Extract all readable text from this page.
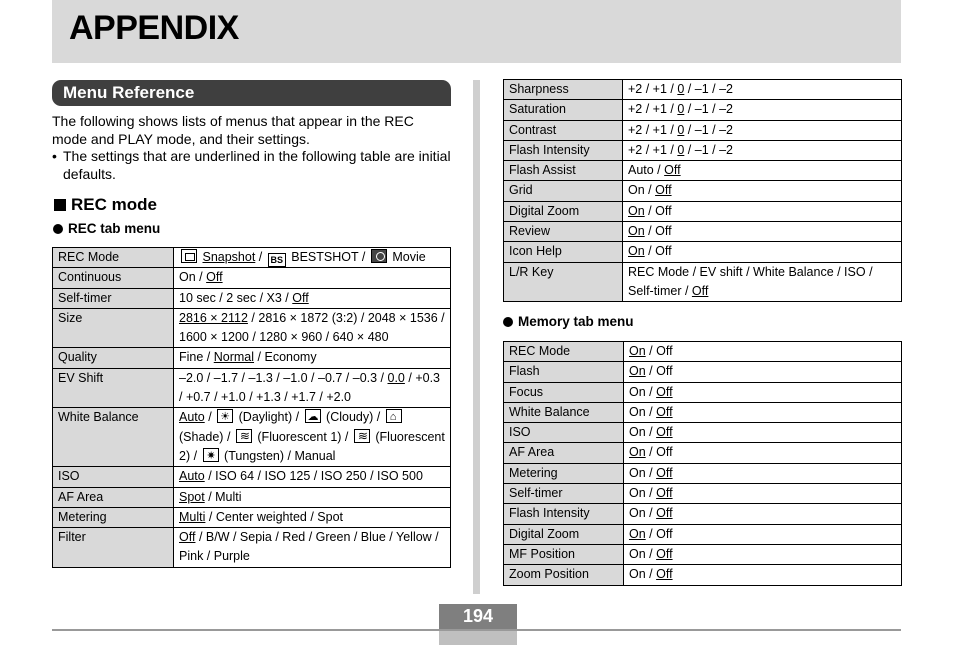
APPENDIX
Menu Reference

The following shows lists of menus that appear in the REC mode and PLAY mode, and their settings.

• The settings that are underlined in the following table are initial defaults.

REC mode
REC tab menu
REC Mode	Snapshot / BS BESTSHOT / Movie
Continuous	On / Off
Self-timer	10 sec / 2 sec / X3 / Off
Size	2816 × 2112 / 2816 × 1872 (3:2) / 2048 × 1536 / 1600 × 1200 / 1280 × 960 / 640 × 480
Quality	Fine / Normal / Economy
EV Shift	–2.0 / –1.7 / –1.3 / –1.0 / –0.7 / –0.3 / 0.0 / +0.3 / +0.7 / +1.0 / +1.3 / +1.7 / +2.0
White Balance	Auto / ☀ (Daylight) / ☁ (Cloudy) / ⌂ (Shade) / ≋ (Fluorescent 1) / ≋ (Fluorescent 2) / ✷ (Tungsten) / Manual
ISO	Auto / ISO 64 / ISO 125 / ISO 250 / ISO 500
AF Area	Spot / Multi
Metering	Multi / Center weighted / Spot
Filter	Off / B/W / Sepia / Red / Green / Blue / Yellow / Pink / Purple
Sharpness	+2 / +1 / 0 / –1 / –2
Saturation	+2 / +1 / 0 / –1 / –2
Contrast	+2 / +1 / 0 / –1 / –2
Flash Intensity	+2 / +1 / 0 / –1 / –2
Flash Assist	Auto / Off
Grid	On / Off
Digital Zoom	On / Off
Review	On / Off
Icon Help	On / Off
L/R Key	REC Mode / EV shift / White Balance / ISO / Self-timer / Off
Memory tab menu
REC Mode	On / Off
Flash	On / Off
Focus	On / Off
White Balance	On / Off
ISO	On / Off
AF Area	On / Off
Metering	On / Off
Self-timer	On / Off
Flash Intensity	On / Off
Digital Zoom	On / Off
MF Position	On / Off
Zoom Position	On / Off
194
